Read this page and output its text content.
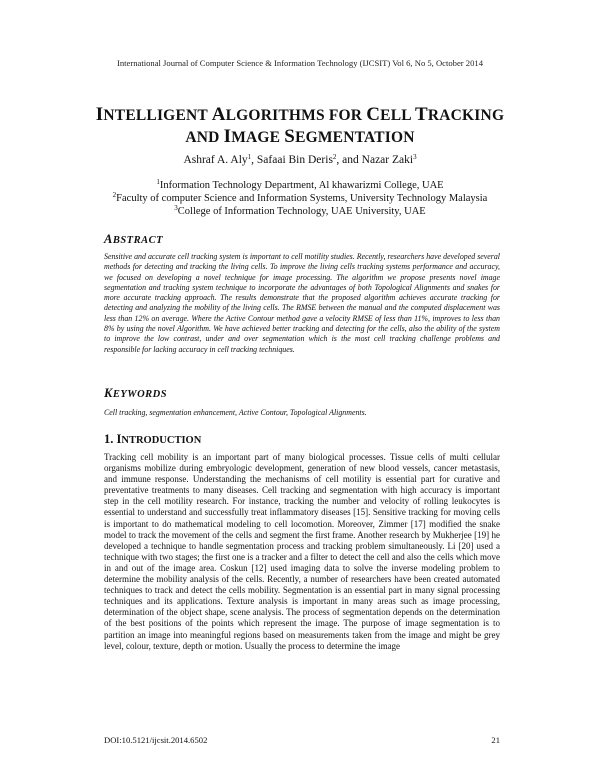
International Journal of Computer Science & Information Technology (IJCSIT) Vol 6, No 5, October 2014
INTELLIGENT ALGORITHMS FOR CELL TRACKING
AND IMAGE SEGMENTATION
Ashraf A. Aly$^1$, Safaai Bin Deris$^2$, and Nazar Zaki$^3$
$^1$Information Technology Department, Al khawarizmi College, UAE
$^2$Faculty of computer Science and Information Systems, University Technology Malaysia
$^3$College of Information Technology, UAE University, UAE
ABSTRACT
Sensitive and accurate cell tracking system is important to cell motility studies. Recently, researchers have developed several methods for detecting and tracking the living cells. To improve the living cells tracking systems performance and accuracy, we focused on developing a novel technique for image processing. The algorithm we propose presents novel image segmentation and tracking system technique to incorporate the advantages of both Topological Alignments and snakes for more accurate tracking approach. The results demonstrate that the proposed algorithm achieves accurate tracking for detecting and analyzing the mobility of the living cells. The RMSE between the manual and the computed displacement was less than 12% on average. Where the Active Contour method gave a velocity RMSE of less than 11%, improves to less than 8% by using the novel Algorithm. We have achieved better tracking and detecting for the cells, also the ability of the system to improve the low contrast, under and over segmentation which is the most cell tracking challenge problems and responsible for lacking accuracy in cell tracking techniques.
KEYWORDS
Cell tracking, segmentation enhancement, Active Contour, Topological Alignments.
1. INTRODUCTION
Tracking cell mobility is an important part of many biological processes. Tissue cells of multi cellular organisms mobilize during embryologic development, generation of new blood vessels, cancer metastasis, and immune response. Understanding the mechanisms of cell motility is essential part for curative and preventative treatments to many diseases. Cell tracking and segmentation with high accuracy is important step in the cell motility research. For instance, tracking the number and velocity of rolling leukocytes is essential to understand and successfully treat inflammatory diseases [15]. Sensitive tracking for moving cells is important to do mathematical modeling to cell locomotion. Moreover, Zimmer [17] modified the snake model to track the movement of the cells and segment the first frame. Another research by Mukherjee [19] he developed a technique to handle segmentation process and tracking problem simultaneously. Li [20] used a technique with two stages; the first one is a tracker and a filter to detect the cell and also the cells which move in and out of the image area. Coskun [12] used imaging data to solve the inverse modeling problem to determine the mobility analysis of the cells. Recently, a number of researchers have been created automated techniques to track and detect the cells mobility. Segmentation is an essential part in many signal processing techniques and its applications. Texture analysis is important in many areas such as image processing, determination of the object shape, scene analysis. The process of segmentation depends on the determination of the best positions of the points which represent the image. The purpose of image segmentation is to partition an image into meaningful regions based on measurements taken from the image and might be grey level, colour, texture, depth or motion. Usually the process to determine the image
DOI:10.5121/ijcsit.2014.6502	21
